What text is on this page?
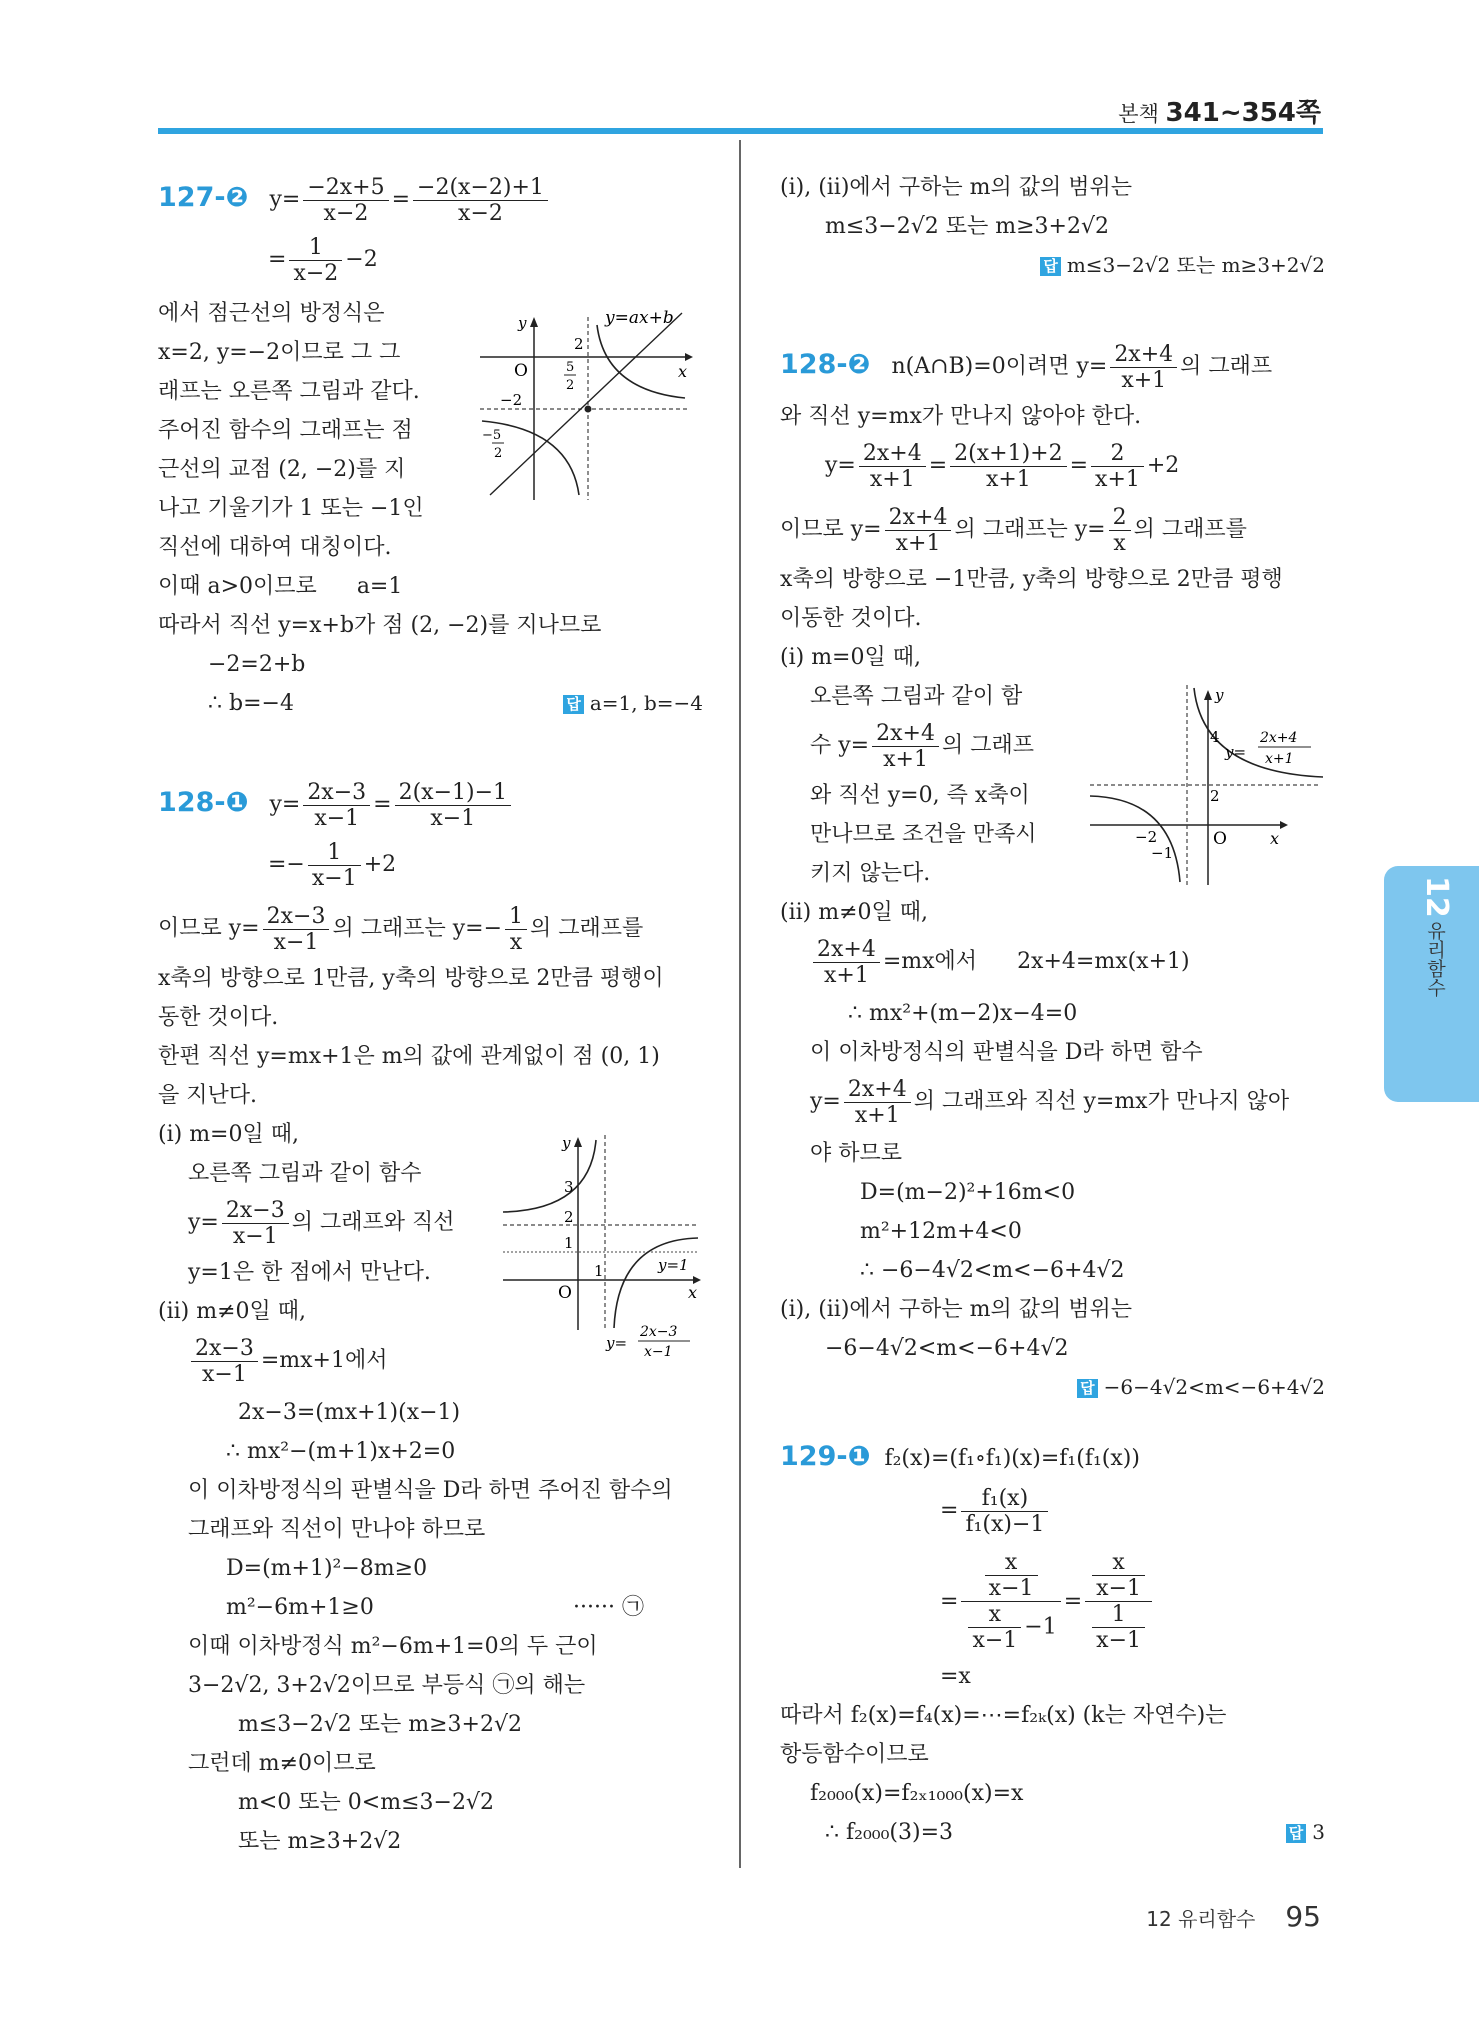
본책 341~354쪽
127-❷ $y= \frac{-2x+5}{x-2} = \frac{-2(x-2)+1}{x-2}$
= $\frac{1}{x-2} -2$
에서 점근선의 방정식은
x=2, y=−2이므로 그 그
래프는 오른쪽 그림과 같다.
주어진 함수의 그래프는 점
근선의 교점 (2, −2)를 지
나고 기울기가 1 또는 −1인
직선에 대하여 대칭이다.
이때 a>0이므로 a=1
따라서 직선 y=x+b가 점 (2, −2)를 지나므로
−2=2+b
∴ b=−4	답 a=1, b=−4
128-❶ $y= \frac{2x-3}{x-1} = \frac{2(x-1)-1}{x-1}$
=− $\frac{1}{x-1} +2$
이므로 $y= \frac{2x-3}{x-1}$ 의 그래프는 $y=- \frac{1}{x}$ 의 그래프를
x축의 방향으로 1만큼, y축의 방향으로 2만큼 평행이
동한 것이다.
한편 직선 y=mx+1은 m의 값에 관계없이 점 (0, 1)
을 지난다.
(ⅰ) m=0일 때,
오른쪽 그림과 같이 함수
$y= \frac{2x-3}{x-1}$ 의 그래프와 직선
y=1은 한 점에서 만난다.
(ⅱ) m≠0일 때,
$\frac{2x-3}{x-1} =mx+1$에서
2x−3=(mx+1)(x−1)
∴ mx²−(m+1)x+2=0
이 이차방정식의 판별식을 D라 하면 주어진 함수의
그래프와 직선이 만나야 하므로
D=(m+1)²−8m≥0
m²−6m+1≥0	······ ㉠
이때 이차방정식 m²−6m+1=0의 두 근이
3−2√2, 3+2√2이므로 부등식 ㉠의 해는
m≤3−2√2 또는 m≥3+2√2
그런데 m≠0이므로
m<0 또는 0<m≤3−2√2
또는 m≥3+2√2
y=ax+b
y
x
O
2
5
2
−2
−5
2
y
x
O
3
2
1
1	y=1
y=
2x−3
x−1
(ⅰ), (ⅱ)에서 구하는 m의 값의 범위는
m≤3−2√2 또는 m≥3+2√2
답 m≤3−2√2 또는 m≥3+2√2
128-❷ n(A∩B)=0이려면 $y= \frac{2x+4}{x+1}$ 의 그래프
와 직선 y=mx가 만나지 않아야 한다.
$y= \frac{2x+4}{x+1} = \frac{2(x+1)+2}{x+1} = \frac{2}{x+1} +2$
이므로 $y= \frac{2x+4}{x+1}$ 의 그래프는 $y= \frac{2}{x}$ 의 그래프를
x축의 방향으로 −1만큼, y축의 방향으로 2만큼 평행
이동한 것이다.
(ⅰ) m=0일 때,
오른쪽 그림과 같이 함
수 $y= \frac{2x+4}{x+1}$ 의 그래프
와 직선 y=0, 즉 x축이
만나므로 조건을 만족시
키지 않는다.
(ⅱ) m≠0일 때,
$\frac{2x+4}{x+1} =mx$에서 2x+4=mx(x+1)
∴ mx²+(m−2)x−4=0
이 이차방정식의 판별식을 D라 하면 함수
$y= \frac{2x+4}{x+1}$ 의 그래프와 직선 y=mx가 만나지 않아
야 하므로
D=(m−2)²+16m<0
m²+12m+4<0
∴ −6−4√2<m<−6+4√2
(ⅰ), (ⅱ)에서 구하는 m의 값의 범위는
−6−4√2<m<−6+4√2
답 −6−4√2<m<−6+4√2
129-❶ f₂(x)=(f₁∘f₁)(x)=f₁(f₁(x))
= $\frac{\text{f₁(x)}}{\text{f₁(x)−1}}$
= $\frac{\frac{x}{x-1}}{\frac{x}{x-1} -1} = \frac{\frac{x}{x-1}}{\frac{1}{x-1}}$
=x
따라서 f₂(x)=f₄(x)=⋯=f₂ₖ(x) (k는 자연수)는
항등함수이므로
f₂₀₀₀(x)=f₂ₓ₁₀₀₀(x)=x
∴ f₂₀₀₀(3)=3	답 3
y
x
O
4
2
−2
−1
y=
2x+4
x+1
12
유리함수
12 유리함수 95
